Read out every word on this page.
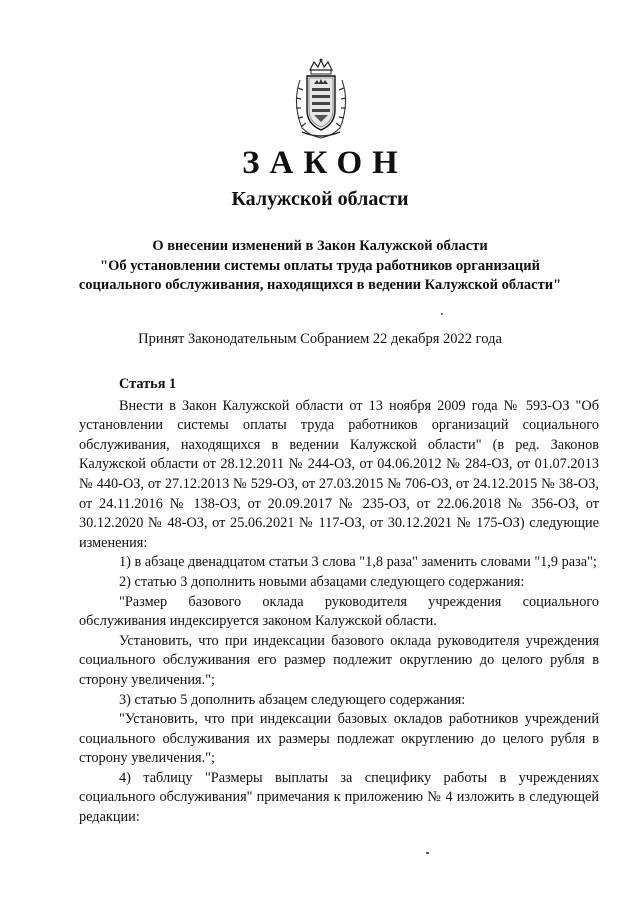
ЗАКОН
Калужской области
О внесении изменений в Закон Калужской области
"Об установлении системы оплаты труда работников организаций
социального обслуживания, находящихся в ведении Калужской области"
Принят Законодательным Собранием 22 декабря 2022 года
Статья 1

Внести в Закон Калужской области от 13 ноября 2009 года № 593-ОЗ "Об установлении системы оплаты труда работников организаций социального обслуживания, находящихся в ведении Калужской области" (в ред. Законов Калужской области от 28.12.2011 № 244-ОЗ, от 04.06.2012 № 284-ОЗ, от 01.07.2013 № 440-ОЗ, от 27.12.2013 № 529-ОЗ, от 27.03.2015 № 706-ОЗ, от 24.12.2015 № 38-ОЗ, от 24.11.2016 № 138-ОЗ, от 20.09.2017 № 235-ОЗ, от 22.06.2018 № 356-ОЗ, от 30.12.2020 № 48-ОЗ, от 25.06.2021 № 117-ОЗ, от 30.12.2021 № 175-ОЗ) следующие изменения:

1) в абзаце двенадцатом статьи 3 слова "1,8 раза" заменить словами "1,9 раза";

2) статью 3 дополнить новыми абзацами следующего содержания:

"Размер базового оклада руководителя учреждения социального обслуживания индексируется законом Калужской области.

Установить, что при индексации базового оклада руководителя учреждения социального обслуживания его размер подлежит округлению до целого рубля в сторону увеличения.";

3) статью 5 дополнить абзацем следующего содержания:

"Установить, что при индексации базовых окладов работников учреждений социального обслуживания их размеры подлежат округлению до целого рубля в сторону увеличения.";

4) таблицу "Размеры выплаты за специфику работы в учреждениях социального обслуживания" примечания к приложению № 4 изложить в следующей редакции:
